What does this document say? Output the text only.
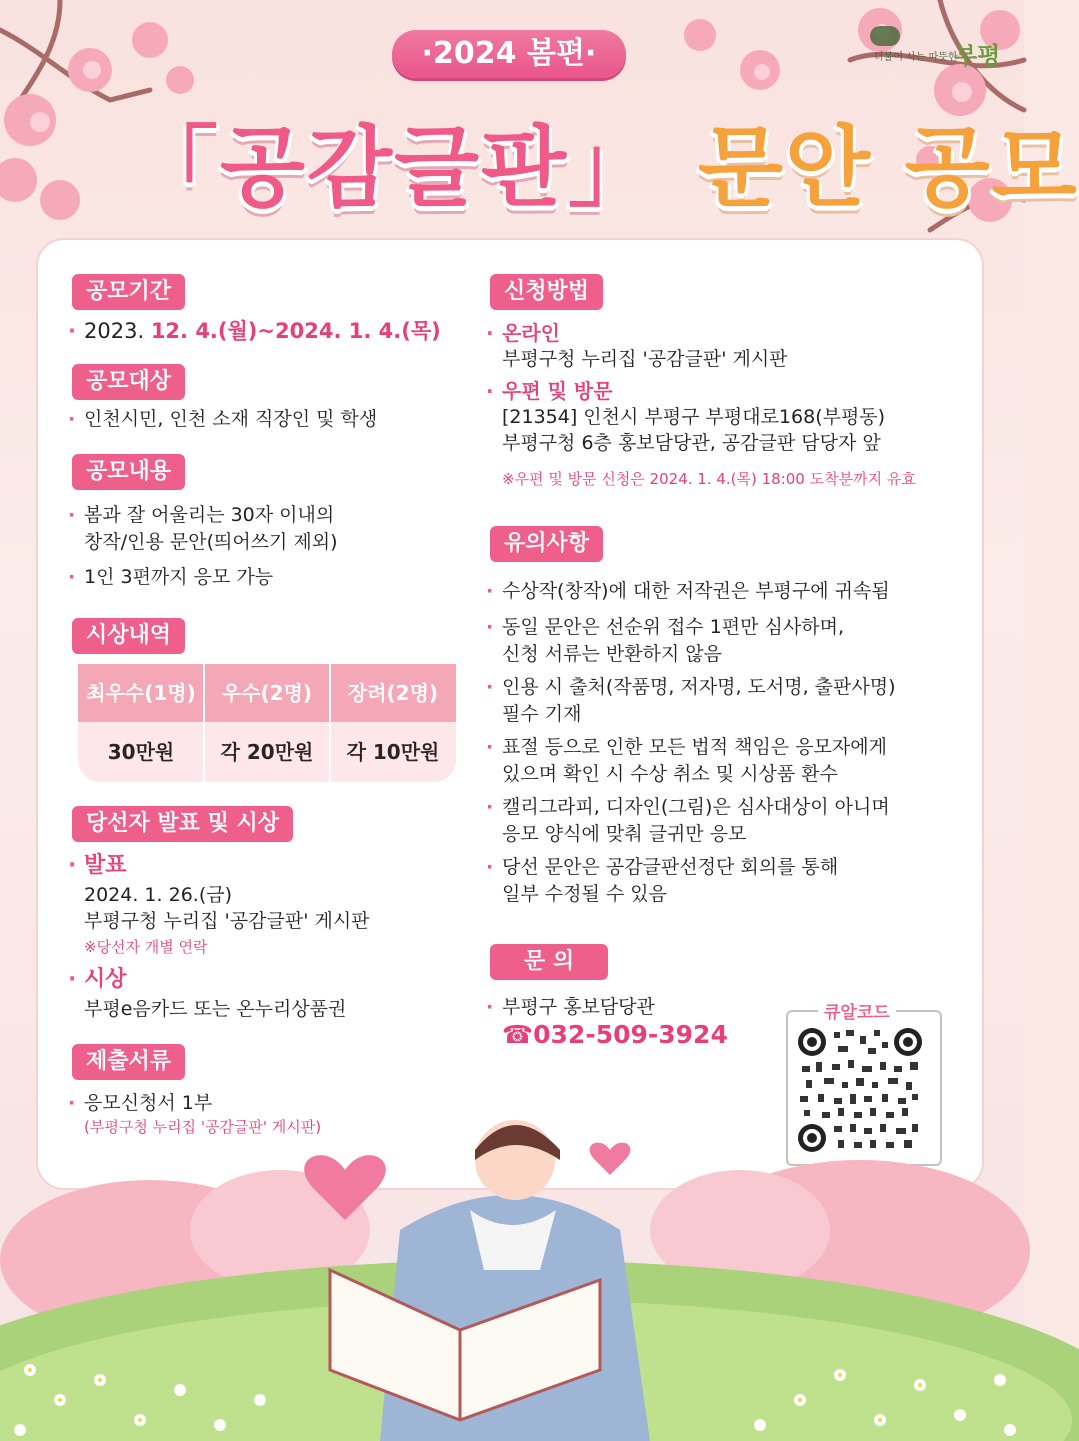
·2024 봄편·	더불어 사는 따뜻한
부평
「공감글판」 문안 공모
공모기간
· 2023. 12. 4.(월)~2024. 1. 4.(목)
공모대상
· 인천시민, 인천 소재 직장인 및 학생
공모내용
· 봄과 잘 어울리는 30자 이내의
창작/인용 문안(띄어쓰기 제외)
· 1인 3편까지 응모 가능
시상내역
최우수(1명)	우수(2명)	장려(2명)
30만원	각 20만원	각 10만원
당선자 발표 및 시상
· 발표
2024. 1. 26.(금)
부평구청 누리집 '공감글판' 게시판
※당선자 개별 연락
· 시상
부평e음카드 또는 온누리상품권
제출서류
· 응모신청서 1부
(부평구청 누리집 '공감글판' 게시판)
신청방법
· 온라인
부평구청 누리집 '공감글판' 게시판
· 우편 및 방문
[21354] 인천시 부평구 부평대로168(부평동)
부평구청 6층 홍보담당관, 공감글판 담당자 앞
※우편 및 방문 신청은 2024. 1. 4.(목) 18:00 도착분까지 유효
유의사항
· 수상작(창작)에 대한 저작권은 부평구에 귀속됨
· 동일 문안은 선순위 접수 1편만 심사하며,
신청 서류는 반환하지 않음
· 인용 시 출처(작품명, 저자명, 도서명, 출판사명)
필수 기재
· 표절 등으로 인한 모든 법적 책임은 응모자에게
있으며 확인 시 수상 취소 및 시상품 환수
· 캘리그라피, 디자인(그림)은 심사대상이 아니며
응모 양식에 맞춰 글귀만 응모
· 당선 문안은 공감글판선정단 회의를 통해
일부 수정될 수 있음
문 의
· 부평구 홍보담당관
☎032-509-3924
큐알코드
